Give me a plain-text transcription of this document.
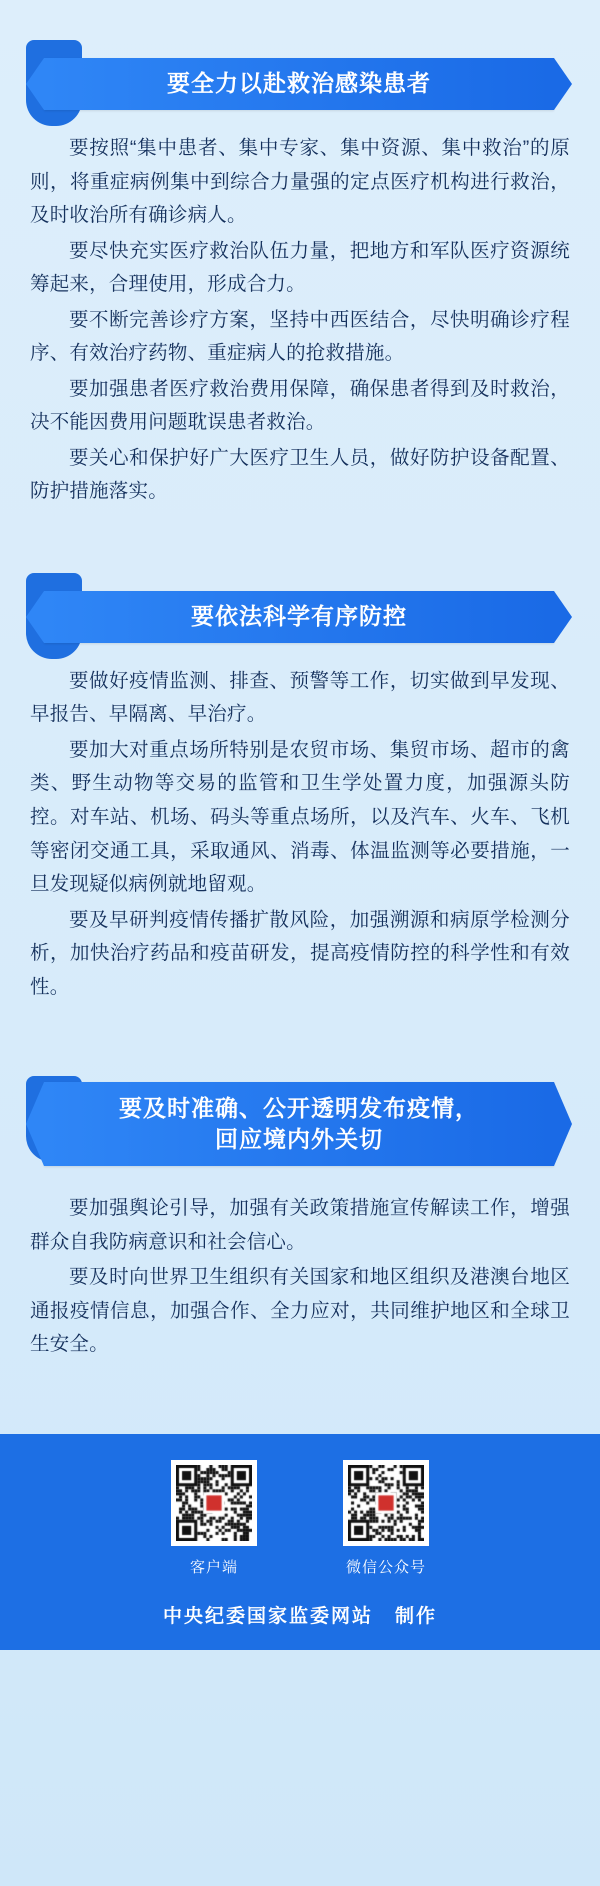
要全力以赴救治感染患者

要按照“集中患者、集中专家、集中资源、集中救治”的原则，将重症病例集中到综合力量强的定点医疗机构进行救治，及时收治所有确诊病人。

要尽快充实医疗救治队伍力量，把地方和军队医疗资源统筹起来，合理使用，形成合力。

要不断完善诊疗方案，坚持中西医结合，尽快明确诊疗程序、有效治疗药物、重症病人的抢救措施。

要加强患者医疗救治费用保障，确保患者得到及时救治，决不能因费用问题耽误患者救治。

要关心和保护好广大医疗卫生人员，做好防护设备配置、防护措施落实。

要依法科学有序防控

要做好疫情监测、排查、预警等工作，切实做到早发现、早报告、早隔离、早治疗。

要加大对重点场所特别是农贸市场、集贸市场、超市的禽类、野生动物等交易的监管和卫生学处置力度，加强源头防控。对车站、机场、码头等重点场所，以及汽车、火车、飞机等密闭交通工具，采取通风、消毒、体温监测等必要措施，一旦发现疑似病例就地留观。

要及早研判疫情传播扩散风险，加强溯源和病原学检测分析，加快治疗药品和疫苗研发，提高疫情防控的科学性和有效性。

要及时准确、公开透明发布疫情，
回应境内外关切

要加强舆论引导，加强有关政策措施宣传解读工作，增强群众自我防病意识和社会信心。

要及时向世界卫生组织有关国家和地区组织及港澳台地区通报疫情信息，加强合作、全力应对，共同维护地区和全球卫生安全。

客户端	微信公众号
中央纪委国家监委网站 制作
